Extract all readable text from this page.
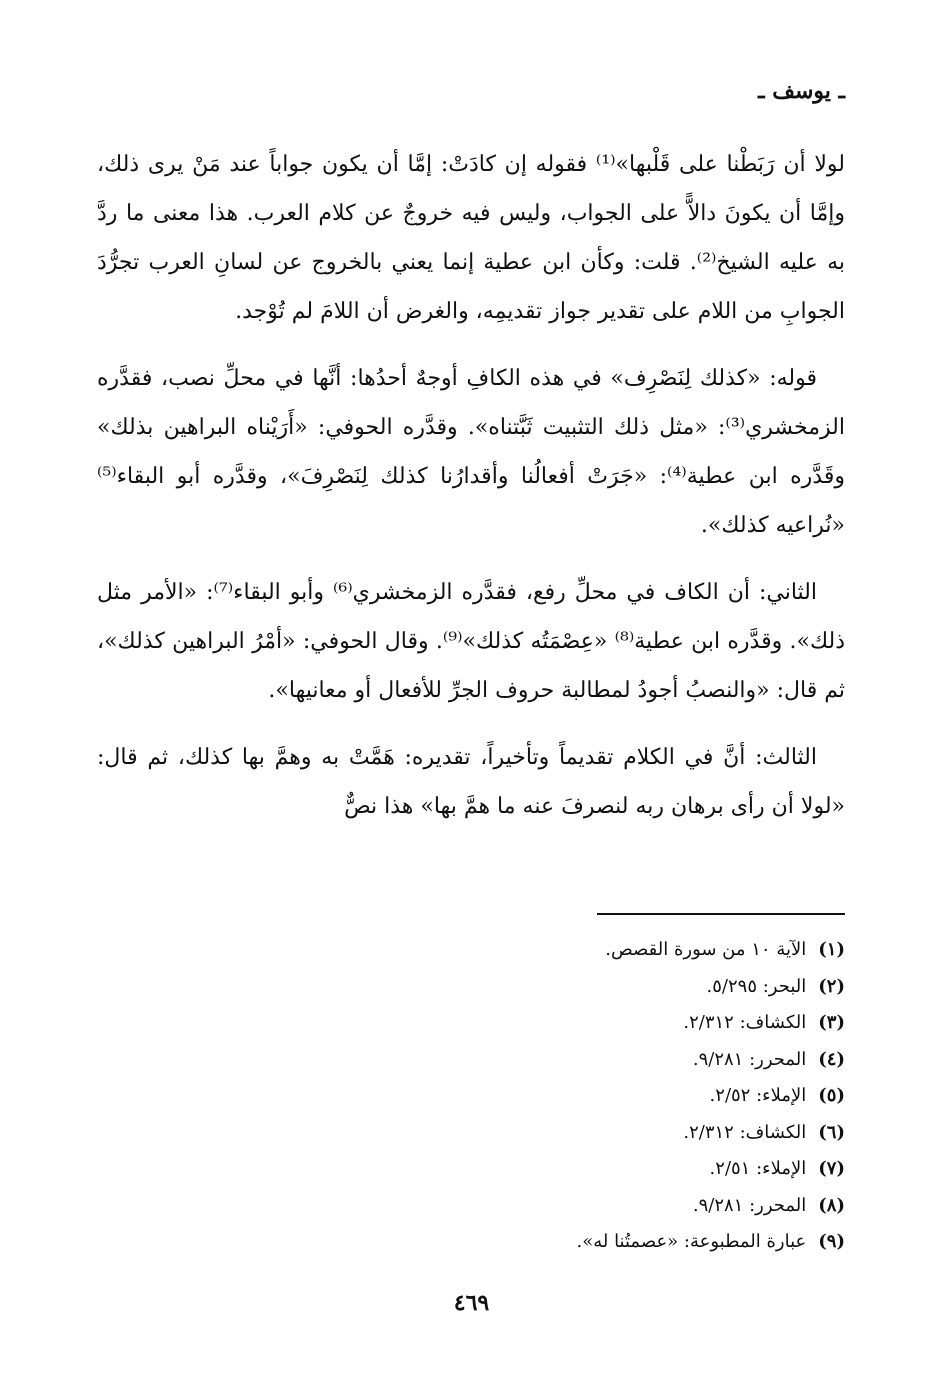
ـ يوسف ـ

لولا أن رَبَطْنا على قَلْبها»⁽¹⁾ فقوله إن كادَتْ: إمَّا أن يكون جواباً عند مَنْ يرى ذلك، وإمَّا أن يكونَ دالاًّ على الجواب، وليس فيه خروجٌ عن كلام العرب. هذا معنى ما ردَّ به عليه الشيخ⁽²⁾. قلت: وكأن ابن عطية إنما يعني بالخروج عن لسانِ العرب تجرُّدَ الجوابِ من اللام على تقدير جواز تقديمِه، والغرض أن اللامَ لم تُوْجد.

قوله: «كذلك لِنَصْرِف» في هذه الكافِ أوجهٌ أحدُها: أنَّها في محلِّ نصب، فقدَّره الزمخشري⁽³⁾: «مثل ذلك التثبيت ثَبَّتناه». وقدَّره الحوفي: «أَرَيْناه البراهين بذلك» وقَدَّره ابن عطية⁽⁴⁾: «جَرَتْ أفعالُنا وأقدارُنا كذلك لِنَصْرِفَ»، وقدَّره أبو البقاء⁽⁵⁾ «نُراعيه كذلك».

الثاني: أن الكاف في محلِّ رفع، فقدَّره الزمخشري⁽⁶⁾ وأبو البقاء⁽⁷⁾: «الأمر مثل ذلك». وقدَّره ابن عطية⁽⁸⁾ «عِصْمَتُه كذلك»⁽⁹⁾. وقال الحوفي: «أمْرُ البراهين كذلك»، ثم قال: «والنصبُ أجودُ لمطالبة حروف الجرِّ للأفعال أو معانيها».

الثالث: أنَّ في الكلام تقديماً وتأخيراً، تقديره: هَمَّتْ به وهمَّ بها كذلك، ثم قال: «لولا أن رأى برهان ربه لنصرفَ عنه ما همَّ بها» هذا نصٌّ

(١)الآية ١٠ من سورة القصص.
(٢)البحر: ٥/٢٩٥.
(٣)الكشاف: ٢/٣١٢.
(٤)المحرر: ٩/٢٨١.
(٥)الإملاء: ٢/٥٢.
(٦)الكشاف: ٢/٣١٢.
(٧)الإملاء: ٢/٥١.
(٨)المحرر: ٩/٢٨١.
(٩)عبارة المطبوعة: «عصمتُنا له».
٤٦٩
